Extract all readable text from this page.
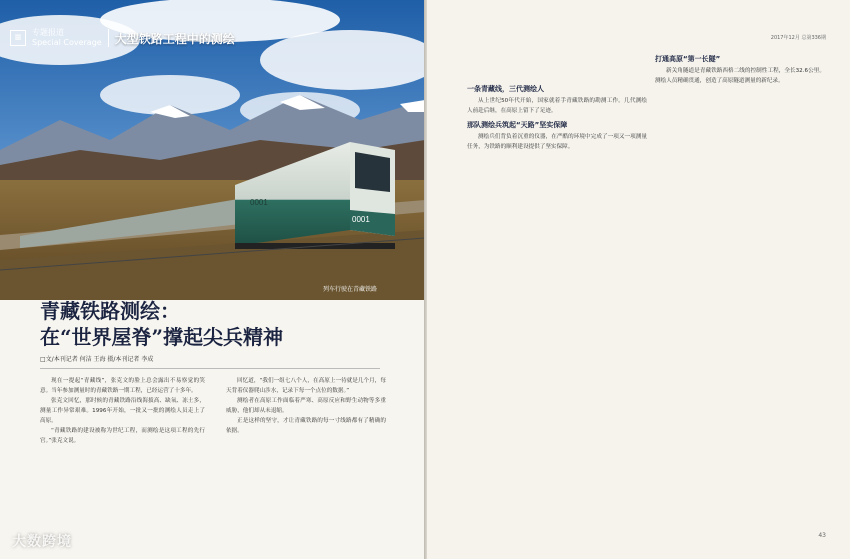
0001
0001
≡
专题报道
Special Coverage 大型铁路工程中的测绘
列车行驶在青藏铁路
青藏铁路测绘：
在“世界屋脊”撑起尖兵精神
□文/本刊记者 何洁 王海 摄/本刊记者 李成

现在一提起“青藏线”，张克文的脸上总会露出不易察觉的笑意。当年参加测量时的青藏铁路一期工程，已经运营了十多年。

张克文回忆，那时候的青藏铁路沿线海拔高、缺氧、冻土多，测量工作异常艰难。1996年开始，一批又一批的测绘人员走上了高原。

“青藏铁路的建设被称为世纪工程，而测绘是这项工程的先行官。”张克文说。

回忆道，“我们一组七八个人，在高原上一待就是几个月，每天背着仪器爬山涉水，记录下每一个点位的数据。”

测绘者在高原工作面临着严寒、高原反应和野生动物等多重威胁，他们却从未退缩。

正是这样的坚守，才让青藏铁路的每一寸线路都有了精确的依据。

大数跨境
2017年12月 总第336期
一条青藏线，三代测绘人

从上世纪50年代开始，国家就着手青藏铁路的勘测工作。几代测绘人前赴后继，在高原上留下了足迹。

那队测绘兵筑起“天路”坚实保障

测绘兵们背负着沉重的仪器，在严酷的环境中完成了一项又一项测量任务，为铁路的顺利建设提供了坚实保障。

打通高原“第一长隧”

新关角隧道是青藏铁路西格二线的控制性工程，全长32.6公里。测绘人员精确贯通，创造了高原隧道测量的新纪录。

43
